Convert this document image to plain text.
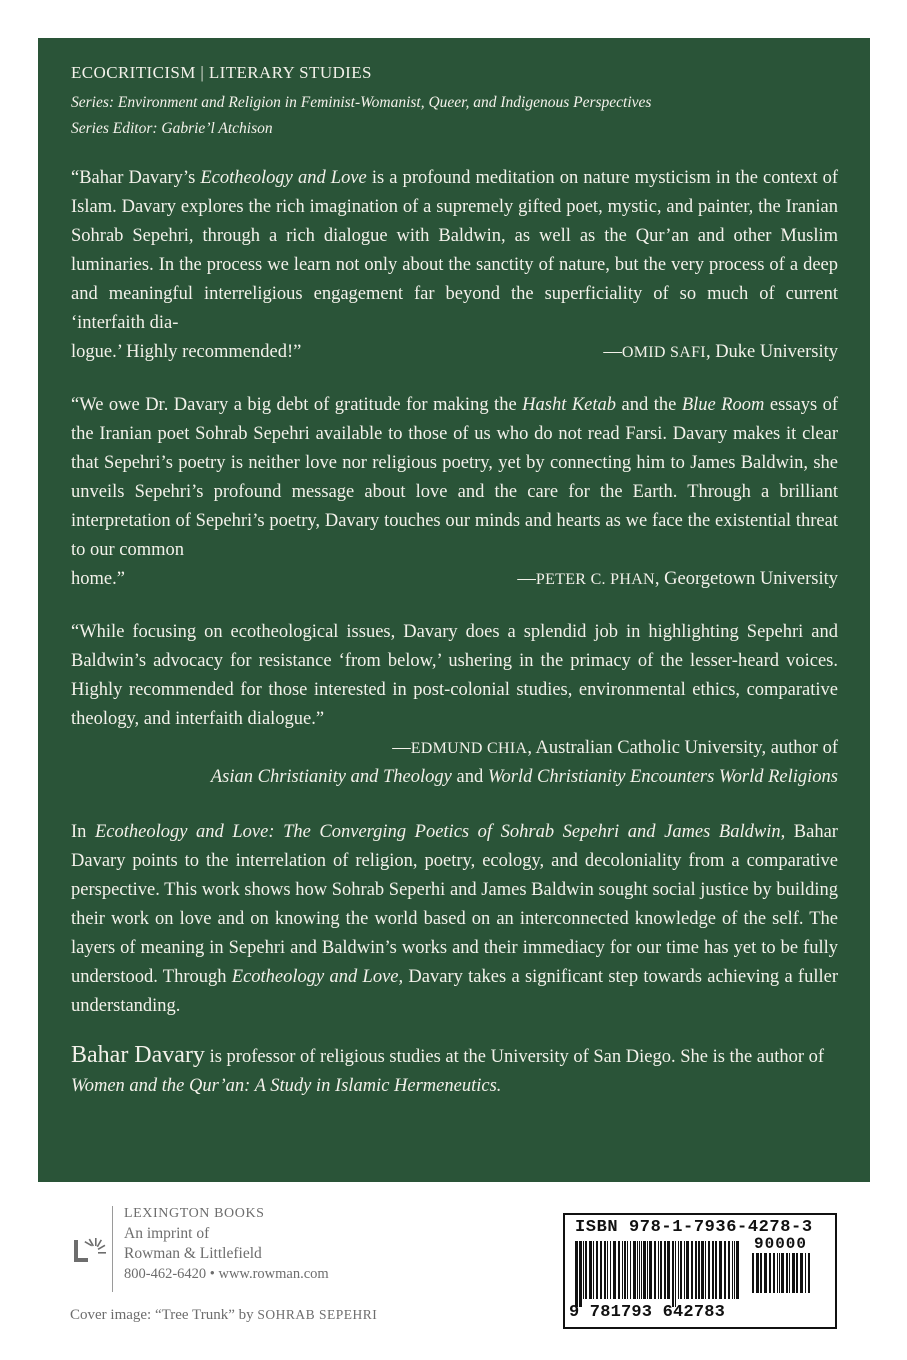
ECOCRITICISM | LITERARY STUDIES

Series: Environment and Religion in Feminist-Womanist, Queer, and Indigenous Perspectives

Series Editor: Gabrie’l Atchison

“Bahar Davary’s Ecotheology and Love is a profound meditation on nature mysticism in the context of Islam. Davary explores the rich imagination of a supremely gifted poet, mystic, and painter, the Iranian Sohrab Sepehri, through a rich dialogue with Baldwin, as well as the Qur’an and other Muslim luminaries. In the process we learn not only about the sanctity of nature, but the very process of a deep and meaningful interreligious engagement far beyond the superficiality of so much of current ‘interfaith dia-
logue.’ Highly recommended!”	—OMID SAFI, Duke University
“We owe Dr. Davary a big debt of gratitude for making the Hasht Ketab and the Blue Room essays of the Iranian poet Sohrab Sepehri available to those of us who do not read Farsi. Davary makes it clear that Sepehri’s poetry is neither love nor religious poetry, yet by connecting him to James Baldwin, she unveils Sepehri’s profound message about love and the care for the Earth. Through a brilliant interpretation of Sepehri’s poetry, Davary touches our minds and hearts as we face the existential threat to our common
home.”	—PETER C. PHAN, Georgetown University

“While focusing on ecotheological issues, Davary does a splendid job in highlighting Sepehri and Baldwin’s advocacy for resistance ‘from below,’ ushering in the primacy of the lesser-heard voices. Highly recommended for those interested in post-colonial studies, environmental ethics, comparative theology, and interfaith dialogue.”

—EDMUND CHIA, Australian Catholic University, author of
Asian Christianity and Theology and World Christianity Encounters World Religions

In Ecotheology and Love: The Converging Poetics of Sohrab Sepehri and James Baldwin, Bahar Davary points to the interrelation of religion, poetry, ecology, and decoloniality from a comparative perspective. This work shows how Sohrab Seperhi and James Baldwin sought social justice by building their work on love and on knowing the world based on an interconnected knowledge of the self. The layers of meaning in Sepehri and Baldwin’s works and their immediacy for our time has yet to be fully understood. Through Ecotheology and Love, Davary takes a significant step towards achieving a fuller understanding.

Bahar Davary is professor of religious studies at the University of San Diego. She is the author of Women and the Qur’an: A Study in Islamic Hermeneutics.

LEXINGTON BOOKS
An imprint of
Rowman & Littlefield
800-462-6420 • www.rowman.com
Cover image: “Tree Trunk” by SOHRAB SEPEHRI
ISBN 978-1-7936-4278-3
90000
9 781793 642783
